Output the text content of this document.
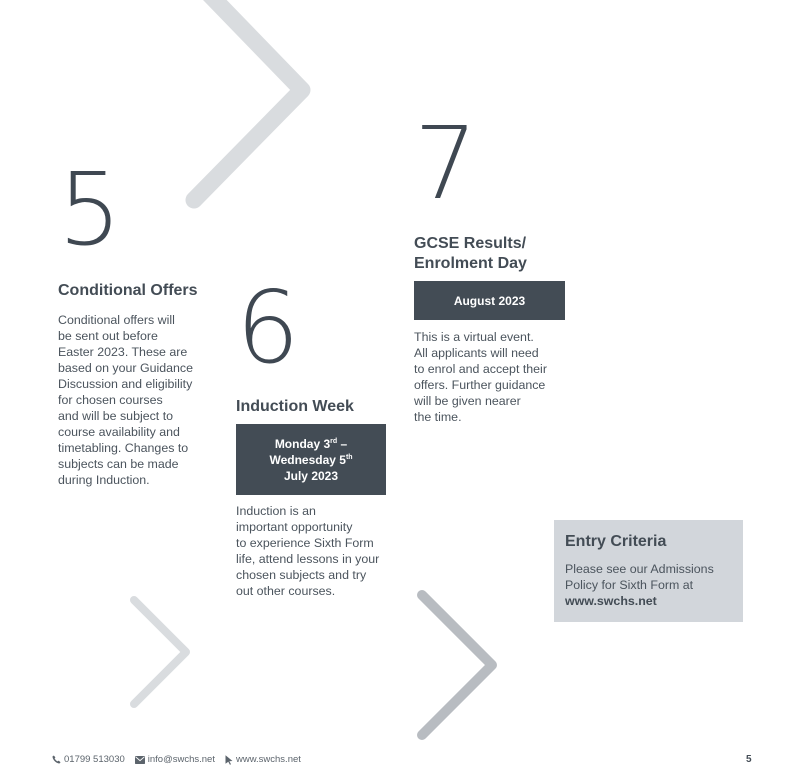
5
Conditional Offers
Conditional offers will
be sent out before
Easter 2023. These are
based on your Guidance
Discussion and eligibility
for chosen courses
and will be subject to
course availability and
timetabling. Changes to
subjects can be made
during Induction.
6
Induction Week
Monday 3rd –
Wednesday 5th
July 2023
Induction is an
important opportunity
to experience Sixth Form
life, attend lessons in your
chosen subjects and try
out other courses.
7
GCSE Results/
Enrolment Day
August 2023
This is a virtual event.
All applicants will need
to enrol and accept their
offers. Further guidance
will be given nearer
the time.
Entry Criteria
Please see our Admissions
Policy for Sixth Form at
www.swchs.net
01799 513030 info@swchs.net www.swchs.net	5
